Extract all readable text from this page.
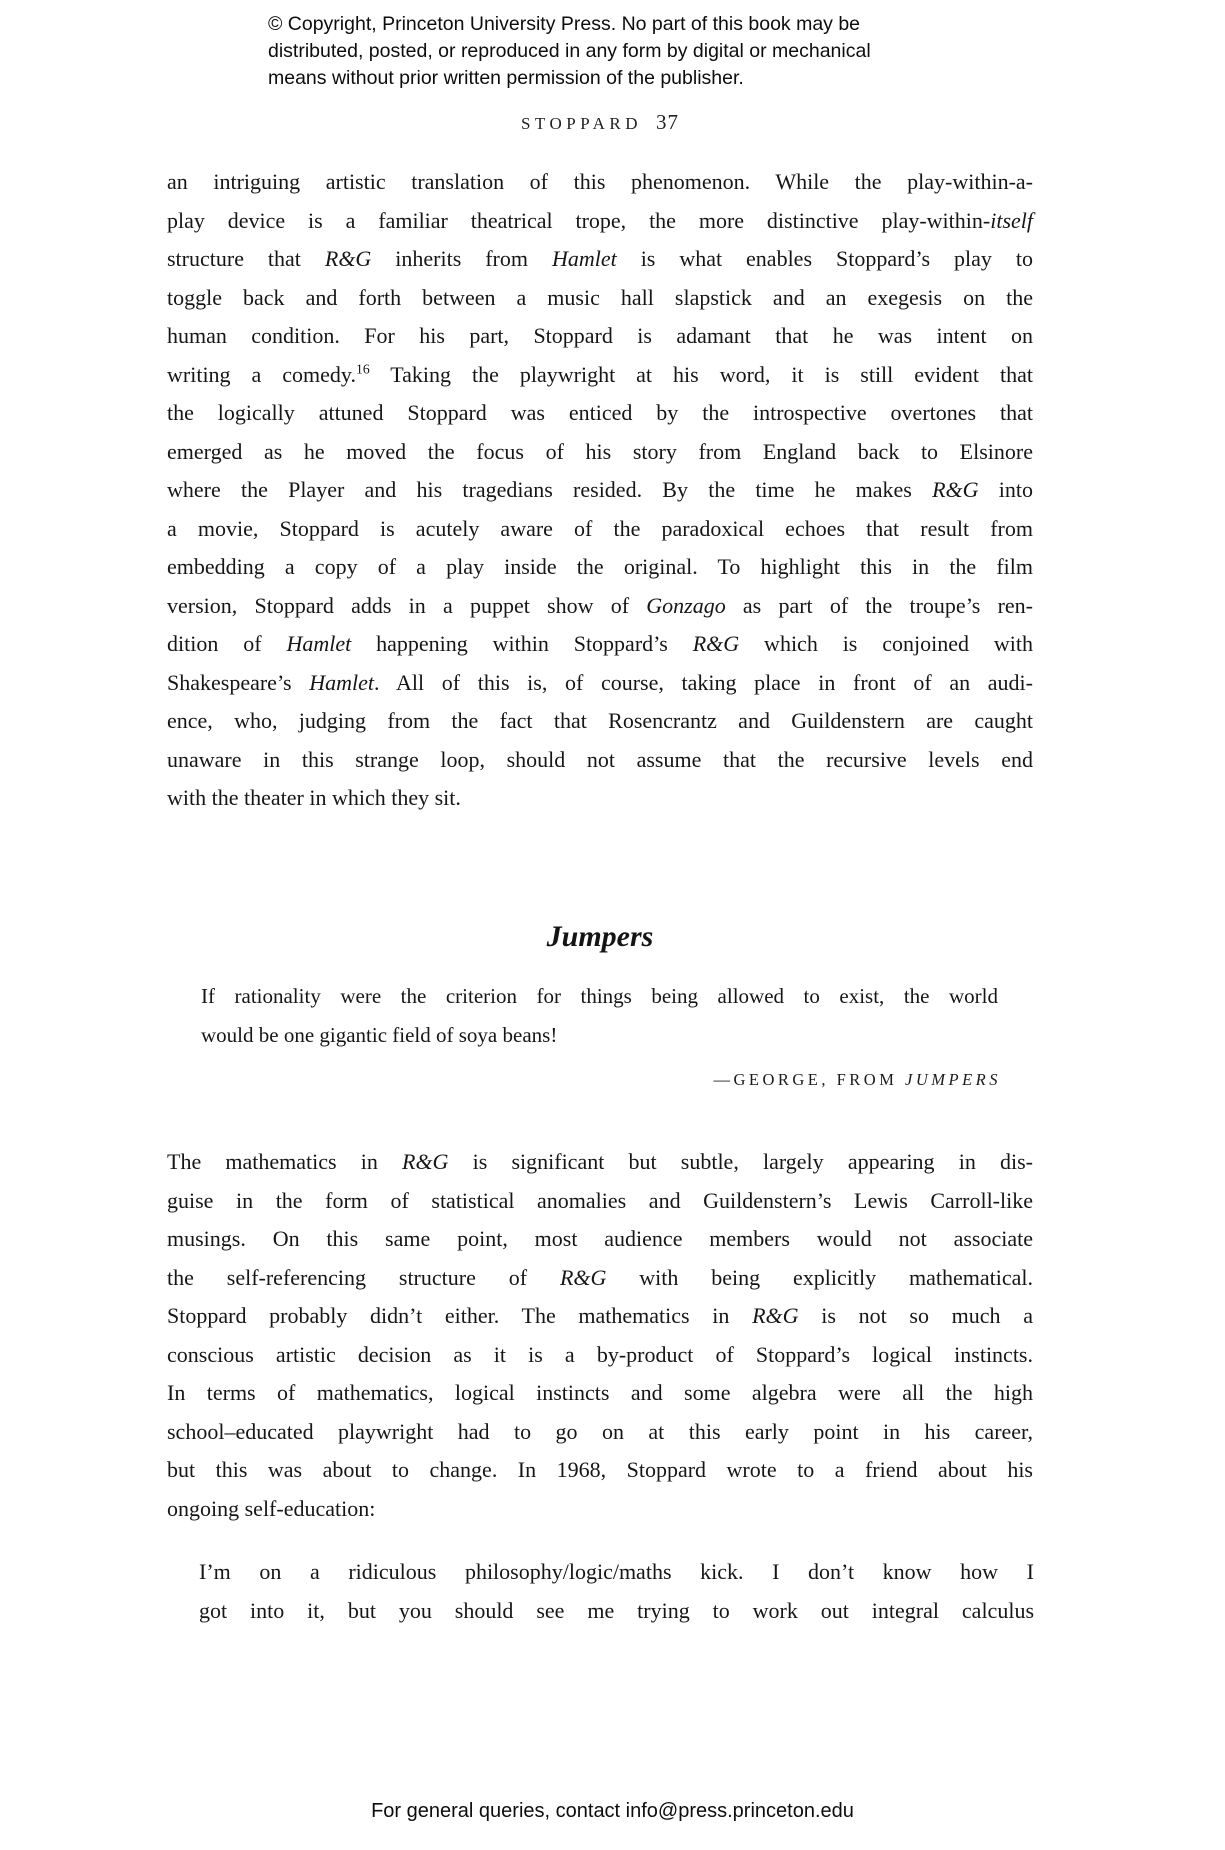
© Copyright, Princeton University Press. No part of this book may be
distributed, posted, or reproduced in any form by digital or mechanical
means without prior written permission of the publisher.
STOPPARD 37
an intriguing artistic translation of this phenomenon. While the play-within-a-
play device is a familiar theatrical trope, the more distinctive play-within-itself
structure that R&G inherits from Hamlet is what enables Stoppard’s play to
toggle back and forth between a music hall slapstick and an exegesis on the
human condition. For his part, Stoppard is adamant that he was intent on
writing a comedy.$^{16}$ Taking the playwright at his word, it is still evident that
the logically attuned Stoppard was enticed by the introspective overtones that
emerged as he moved the focus of his story from England back to Elsinore
where the Player and his tragedians resided. By the time he makes R&G into
a movie, Stoppard is acutely aware of the paradoxical echoes that result from
embedding a copy of a play inside the original. To highlight this in the film
version, Stoppard adds in a puppet show of Gonzago as part of the troupe’s ren-
dition of Hamlet happening within Stoppard’s R&G which is conjoined with
Shakespeare’s Hamlet. All of this is, of course, taking place in front of an audi-
ence, who, judging from the fact that Rosencrantz and Guildenstern are caught
unaware in this strange loop, should not assume that the recursive levels end
with the theater in which they sit.
Jumpers
If rationality were the criterion for things being allowed to exist, the world
would be one gigantic field of soya beans!
—GEORGE, FROM JUMPERS
The mathematics in R&G is significant but subtle, largely appearing in dis-
guise in the form of statistical anomalies and Guildenstern’s Lewis Carroll-like
musings. On this same point, most audience members would not associate
the self-referencing structure of R&G with being explicitly mathematical.
Stoppard probably didn’t either. The mathematics in R&G is not so much a
conscious artistic decision as it is a by-product of Stoppard’s logical instincts.
In terms of mathematics, logical instincts and some algebra were all the high
school–educated playwright had to go on at this early point in his career,
but this was about to change. In 1968, Stoppard wrote to a friend about his
ongoing self-education:
I’m on a ridiculous philosophy/logic/maths kick. I don’t know how I
got into it, but you should see me trying to work out integral calculus
For general queries, contact info@press.princeton.edu
